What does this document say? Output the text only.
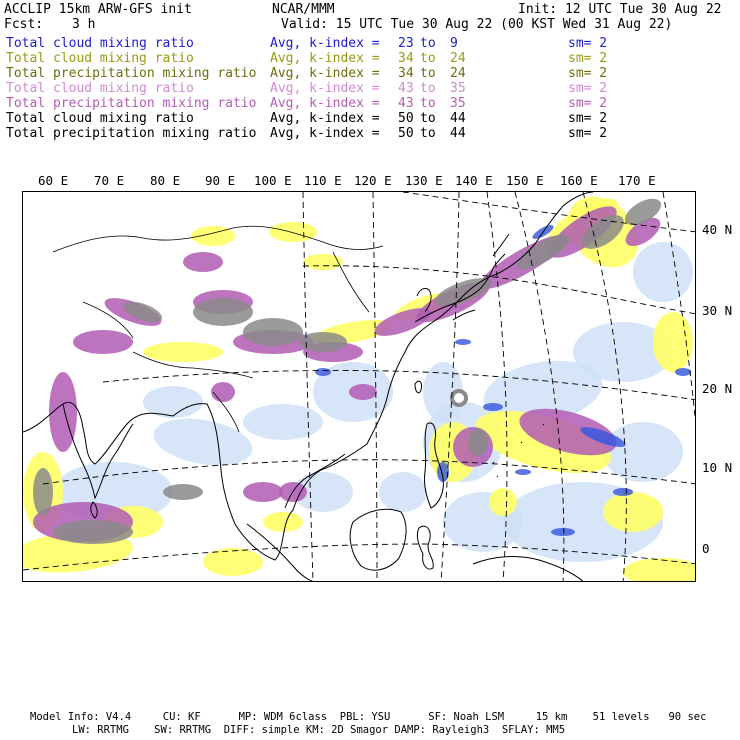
ACCLIP 15km ARW-GFS init	NCAR/MMM	Init: 12 UTC Tue 30 Aug 22
Fcst: 3 h	Valid: 15 UTC Tue 30 Aug 22 (00 KST Wed 31 Aug 22)
Total cloud mixing ratio	Avg, k-index = 23 to 9	sm= 2
Total cloud mixing ratio	Avg, k-index = 34 to 24	sm= 2
Total precipitation mixing ratio Avg, k-index = 34 to 24	sm= 2
Total cloud mixing ratio	Avg, k-index = 43 to 35	sm= 2
Total precipitation mixing ratio Avg, k-index = 43 to 35	sm= 2
Total cloud mixing ratio	Avg, k-index = 50 to 44	sm= 2
Total precipitation mixing ratio Avg, k-index = 50 to 44	sm= 2
60 E 70 E 80 E 90 E 100 E 110 E 120 E 130 E 140 E 150 E 160 E 170 E
40 N
30 N
20 N
10 N
0
Model Info: V4.4     CU: KF      MP: WDM 6class  PBL: YSU      SF: Noah LSM     15 km    51 levels   90 sec
LW: RRTMG    SW: RRTMG  DIFF: simple KM: 2D Smagor DAMP: Rayleigh3  SFLAY: MM5
